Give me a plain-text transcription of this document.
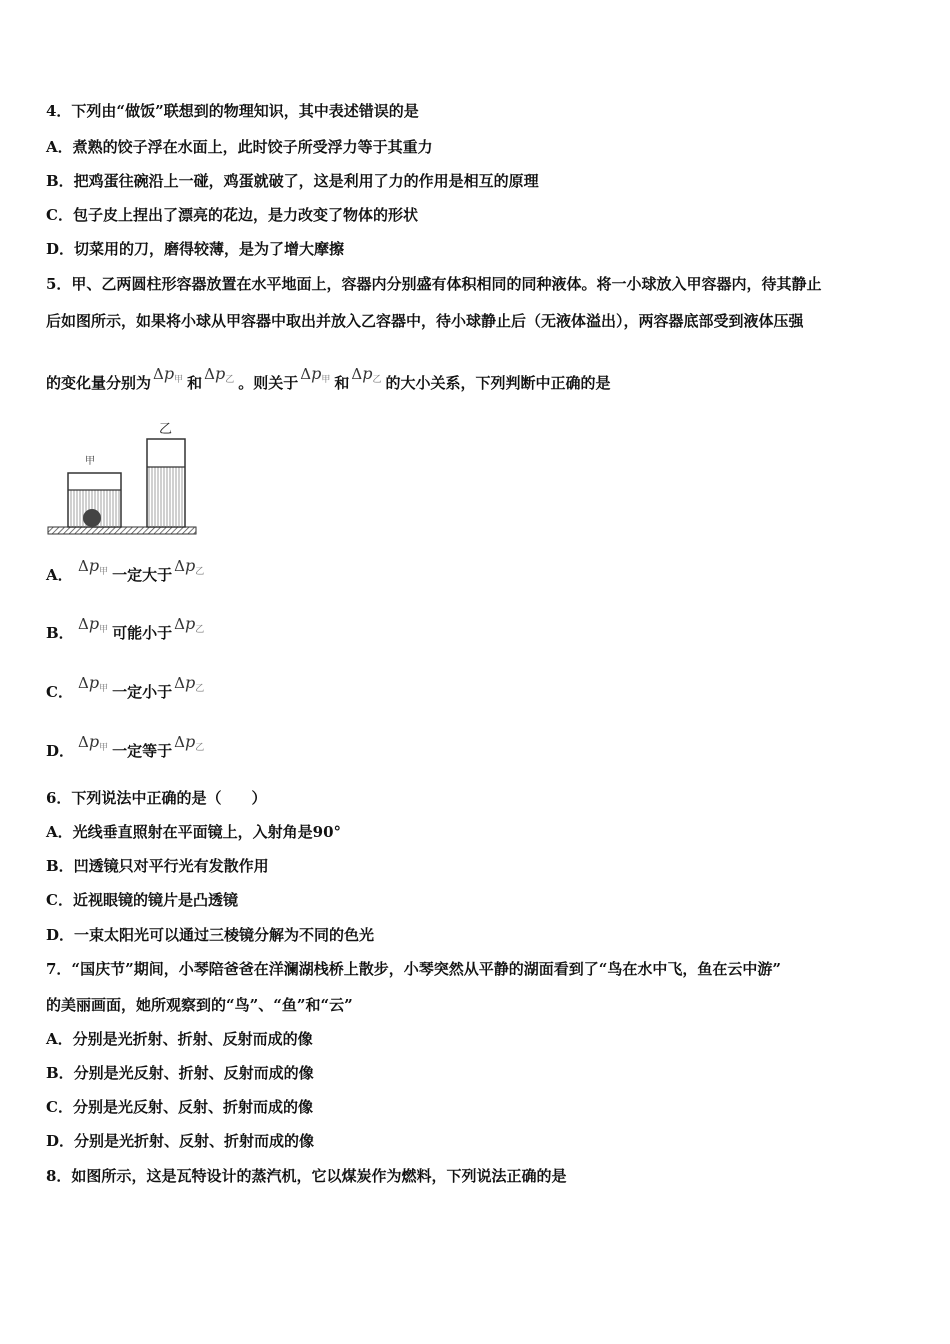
4．下列由“做饭”联想到的物理知识，其中表述错误的是
A．煮熟的饺子浮在水面上，此时饺子所受浮力等于其重力
B．把鸡蛋往碗沿上一碰，鸡蛋就破了，这是利用了力的作用是相互的原理
C．包子皮上捏出了漂亮的花边，是力改变了物体的形状
D．切菜用的刀，磨得较薄，是为了增大摩擦
5．甲、乙两圆柱形容器放置在水平地面上，容器内分别盛有体积相同的同种液体。将一小球放入甲容器内，待其静止
后如图所示，如果将小球从甲容器中取出并放入乙容器中，待小球静止后（无液体溢出），两容器底部受到液体压强
的变化量分别为 $\Delta p_甲$ 和 $\Delta p_乙$ 。则关于 $\Delta p_甲$ 和 $\Delta p_乙$ 的大小关系，下列判断中正确的是
甲
乙
A． $\Delta p_甲$ 一定大于 $\Delta p_乙$
B． $\Delta p_甲$ 可能小于 $\Delta p_乙$
C． $\Delta p_甲$ 一定小于 $\Delta p_乙$
D． $\Delta p_甲$ 一定等于 $\Delta p_乙$
6．下列说法中正确的是（　　）
A．光线垂直照射在平面镜上，入射角是90°
B．凹透镜只对平行光有发散作用
C．近视眼镜的镜片是凸透镜
D．一束太阳光可以通过三棱镜分解为不同的色光
7．“国庆节”期间，小琴陪爸爸在洋澜湖栈桥上散步，小琴突然从平静的湖面看到了“鸟在水中飞，鱼在云中游”
的美丽画面，她所观察到的“鸟”、“鱼”和“云”
A．分别是光折射、折射、反射而成的像
B．分别是光反射、折射、反射而成的像
C．分别是光反射、反射、折射而成的像
D．分别是光折射、反射、折射而成的像
8．如图所示，这是瓦特设计的蒸汽机，它以煤炭作为燃料，下列说法正确的是
